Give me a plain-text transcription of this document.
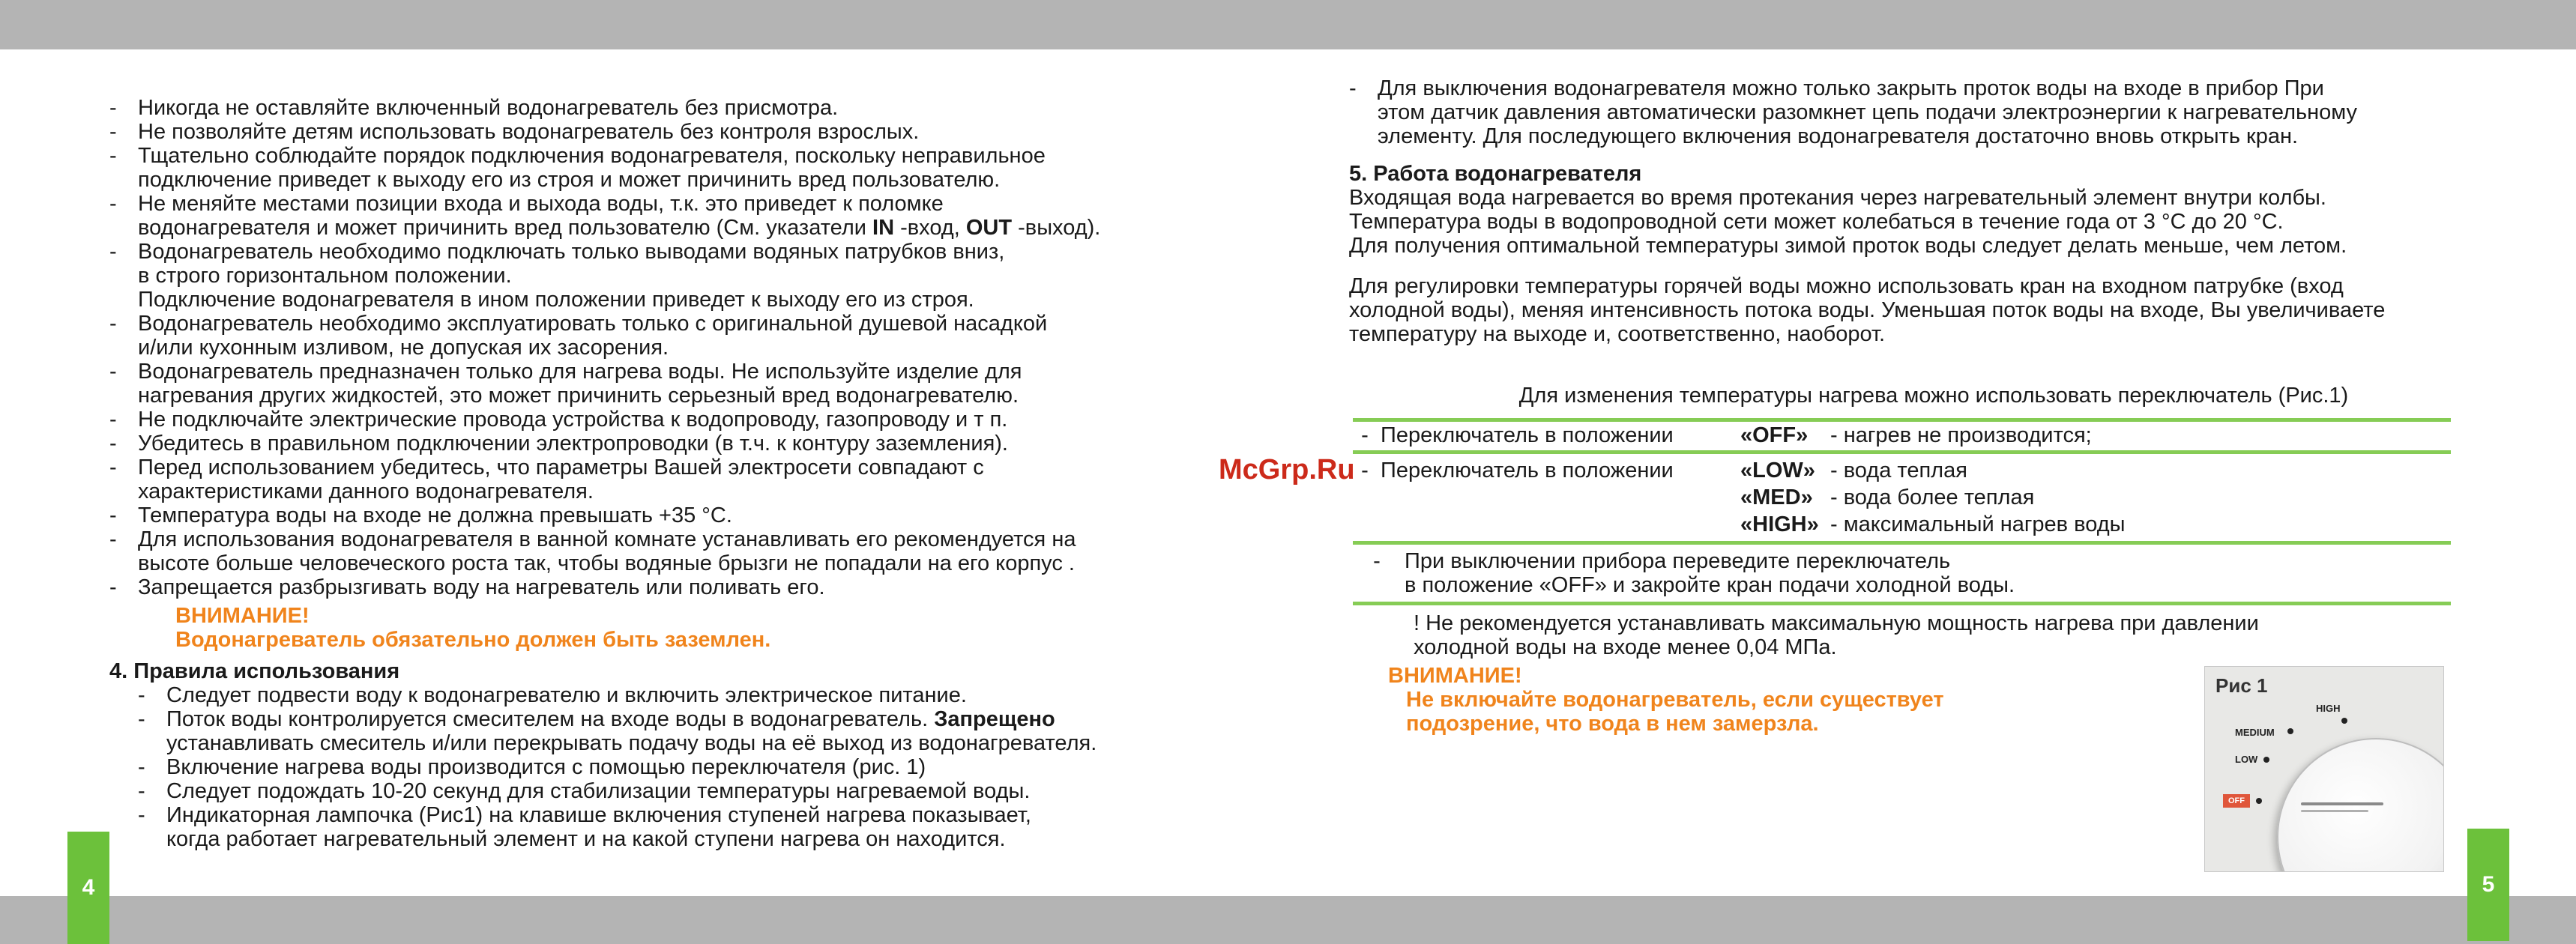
4	5
McGrp.Ru
- Никогда не оставляйте включенный водонагреватель без присмотра.
- Не позволяйте детям использовать водонагреватель без контроля взрослых.
- Тщательно соблюдайте порядок подключения водонагревателя, поскольку неправильное
подключение приведет к выходу его из строя и может причинить вред пользователю.
- Не меняйте местами позиции входа и выхода воды, т.к. это приведет к поломке
водонагревателя и может причинить вред пользователю (См. указатели IN -вход, OUT -выход).
- Водонагреватель необходимо подключать только выводами водяных патрубков вниз,
в строго горизонтальном положении.
Подключение водонагревателя в ином положении приведет к выходу его из строя.
- Водонагреватель необходимо эксплуатировать только с оригинальной душевой насадкой
и/или кухонным изливом, не допуская их засорения.
- Водонагреватель предназначен только для нагрева воды. Не используйте изделие для
нагревания других жидкостей, это может причинить серьезный вред водонагревателю.
- Не подключайте электрические провода устройства к водопроводу, газопроводу и т п.
- Убедитесь в правильном подключении электропроводки (в т.ч. к контуру заземления).
- Перед использованием убедитесь, что параметры Вашей электросети совпадают с
характеристиками данного водонагревателя.
- Температура воды на входе не должна превышать +35 °С.
- Для использования водонагревателя в ванной комнате устанавливать его рекомендуется на
высоте больше человеческого роста так, чтобы водяные брызги не попадали на его корпус .
- Запрещается разбрызгивать воду на нагреватель или поливать его.
ВНИМАНИЕ!
Водонагреватель обязательно должен быть заземлен.
4. Правила использования
- Следует подвести воду к водонагревателю и включить электрическое питание.
- Поток воды контролируется смесителем на входе воды в водонагреватель. Запрещено
устанавливать смеситель и/или перекрывать подачу воды на её выход из водонагревателя.
- Включение нагрева воды производится с помощью переключателя (рис. 1)
- Следует подождать 10-20 секунд для стабилизации температуры нагреваемой воды.
- Индикаторная лампочка (Рис1) на клавише включения ступеней нагрева показывает,
когда работает нагревательный элемент и на какой ступени нагрева он находится.
- Для выключения водонагревателя можно только закрыть проток воды на входе в прибор При
этом датчик давления автоматически разомкнет цепь подачи электроэнергии к нагревательному
элементу. Для последующего включения водонагревателя достаточно вновь открыть кран.
5. Работа водонагревателя
Входящая вода нагревается во время протекания через нагревательный элемент внутри колбы.
Температура воды в водопроводной сети может колебаться в течение года от 3 °С до 20 °С.
Для получения оптимальной температуры зимой проток воды следует делать меньше, чем летом.
Для регулировки температуры горячей воды можно использовать кран на входном патрубке (вход
холодной воды), меняя интенсивность потока воды. Уменьшая поток воды на входе, Вы увеличиваете
температуру на выходе и, соответственно, наоборот.
Для изменения температуры нагрева можно использовать переключатель (Рис.1)
- Переключатель в положении	«OFF»	- нагрев не производится;
- Переключатель в положении	«LOW» - вода теплая
«MED» - вода более теплая
«HIGH» - максимальный нагрев воды
-	При выключении прибора переведите переключатель
в положение «OFF» и закройте кран подачи холодной воды.
! Не рекомендуется устанавливать максимальную мощность нагрева при давлении
холодной воды на входе менее 0,04 МПа.
ВНИМАНИЕ!
Не включайте водонагреватель, если существует
подозрение, что вода в нем замерзла.
Рис 1
HIGH
MEDIUM
LOW
OFF
